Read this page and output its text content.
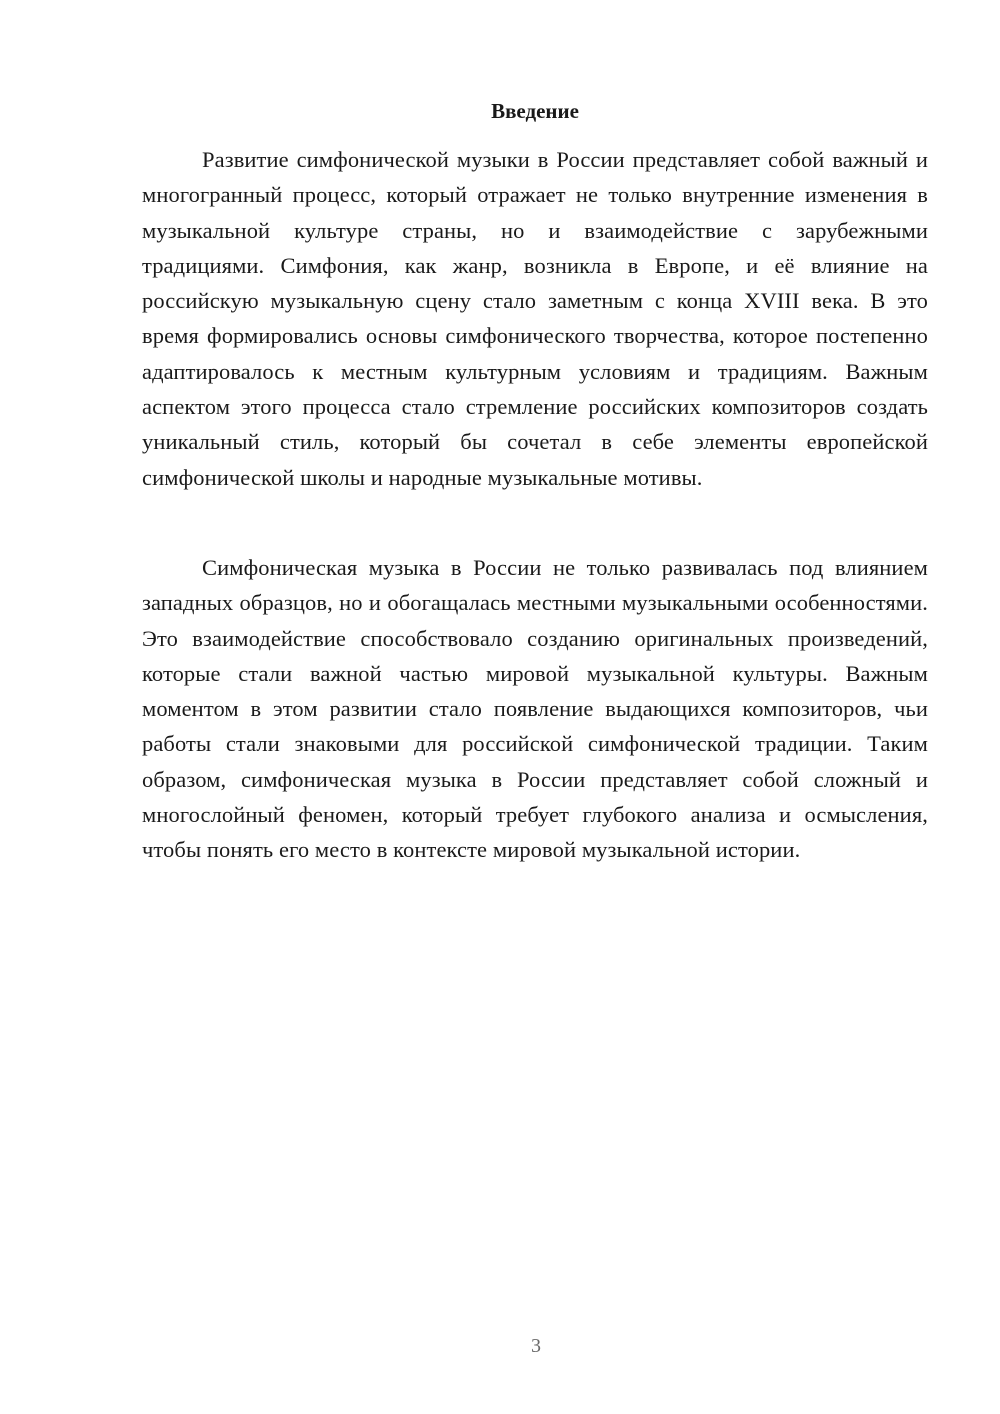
Введение

Развитие симфонической музыки в России представляет собой важный и многогранный процесс, который отражает не только внутренние изменения в музыкальной культуре страны, но и взаимодействие с зарубежными традициями. Симфония, как жанр, возникла в Европе, и её влияние на российскую музыкальную сцену стало заметным с конца XVIII века. В это время формировались основы симфонического творчества, которое постепенно адаптировалось к местным культурным условиям и традициям. Важным аспектом этого процесса стало стремление российских композиторов создать уникальный стиль, который бы сочетал в себе элементы европейской симфонической школы и народные музыкальные мотивы.

Симфоническая музыка в России не только развивалась под влиянием западных образцов, но и обогащалась местными музыкальными особенностями. Это взаимодействие способствовало созданию оригинальных произведений, которые стали важной частью мировой музыкальной культуры. Важным моментом в этом развитии стало появление выдающихся композиторов, чьи работы стали знаковыми для российской симфонической традиции. Таким образом, симфоническая музыка в России представляет собой сложный и многослойный феномен, который требует глубокого анализа и осмысления, чтобы понять его место в контексте мировой музыкальной истории.

3
